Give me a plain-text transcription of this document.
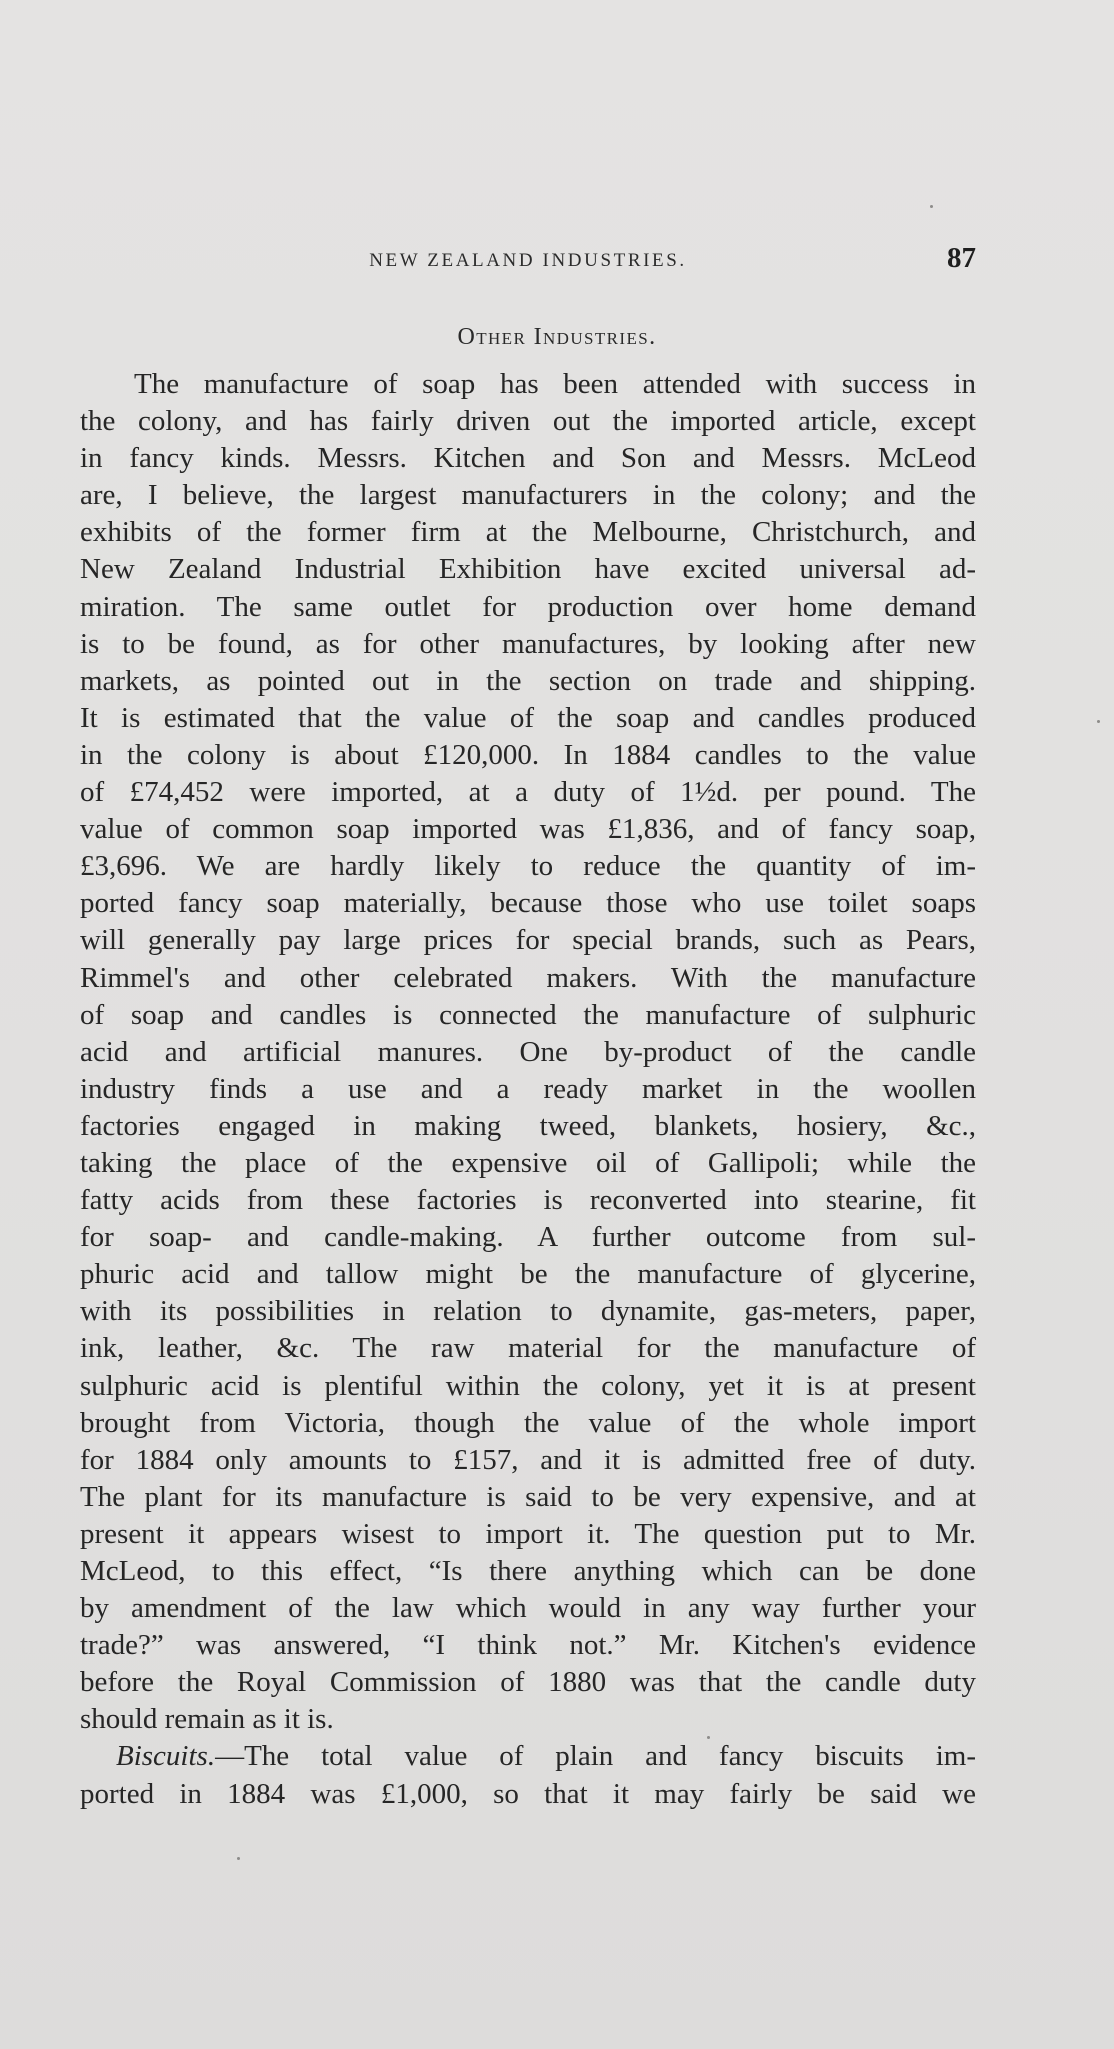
NEW ZEALAND INDUSTRIES.	87
Other Industries.
The manufacture of soap has been attended with success in
the colony, and has fairly driven out the imported article, except
in fancy kinds. Messrs. Kitchen and Son and Messrs. McLeod
are, I believe, the largest manufacturers in the colony; and the
exhibits of the former firm at the Melbourne, Christchurch, and
New Zealand Industrial Exhibition have excited universal ad-
miration. The same outlet for production over home demand
is to be found, as for other manufactures, by looking after new
markets, as pointed out in the section on trade and shipping.
It is estimated that the value of the soap and candles produced
in the colony is about £120,000. In 1884 candles to the value
of £74,452 were imported, at a duty of 1½d. per pound. The
value of common soap imported was £1,836, and of fancy soap,
£3,696. We are hardly likely to reduce the quantity of im-
ported fancy soap materially, because those who use toilet soaps
will generally pay large prices for special brands, such as Pears,
Rimmel's and other celebrated makers. With the manufacture
of soap and candles is connected the manufacture of sulphuric
acid and artificial manures. One by-product of the candle
industry finds a use and a ready market in the woollen
factories engaged in making tweed, blankets, hosiery, &c.,
taking the place of the expensive oil of Gallipoli; while the
fatty acids from these factories is reconverted into stearine, fit
for soap- and candle-making. A further outcome from sul-
phuric acid and tallow might be the manufacture of glycerine,
with its possibilities in relation to dynamite, gas-meters, paper,
ink, leather, &c. The raw material for the manufacture of
sulphuric acid is plentiful within the colony, yet it is at present
brought from Victoria, though the value of the whole import
for 1884 only amounts to £157, and it is admitted free of duty.
The plant for its manufacture is said to be very expensive, and at
present it appears wisest to import it. The question put to Mr.
McLeod, to this effect, “Is there anything which can be done
by amendment of the law which would in any way further your
trade?” was answered, “I think not.” Mr. Kitchen's evidence
before the Royal Commission of 1880 was that the candle duty
should remain as it is.
Biscuits.—The total value of plain and fancy biscuits im-
ported in 1884 was £1,000, so that it may fairly be said we
